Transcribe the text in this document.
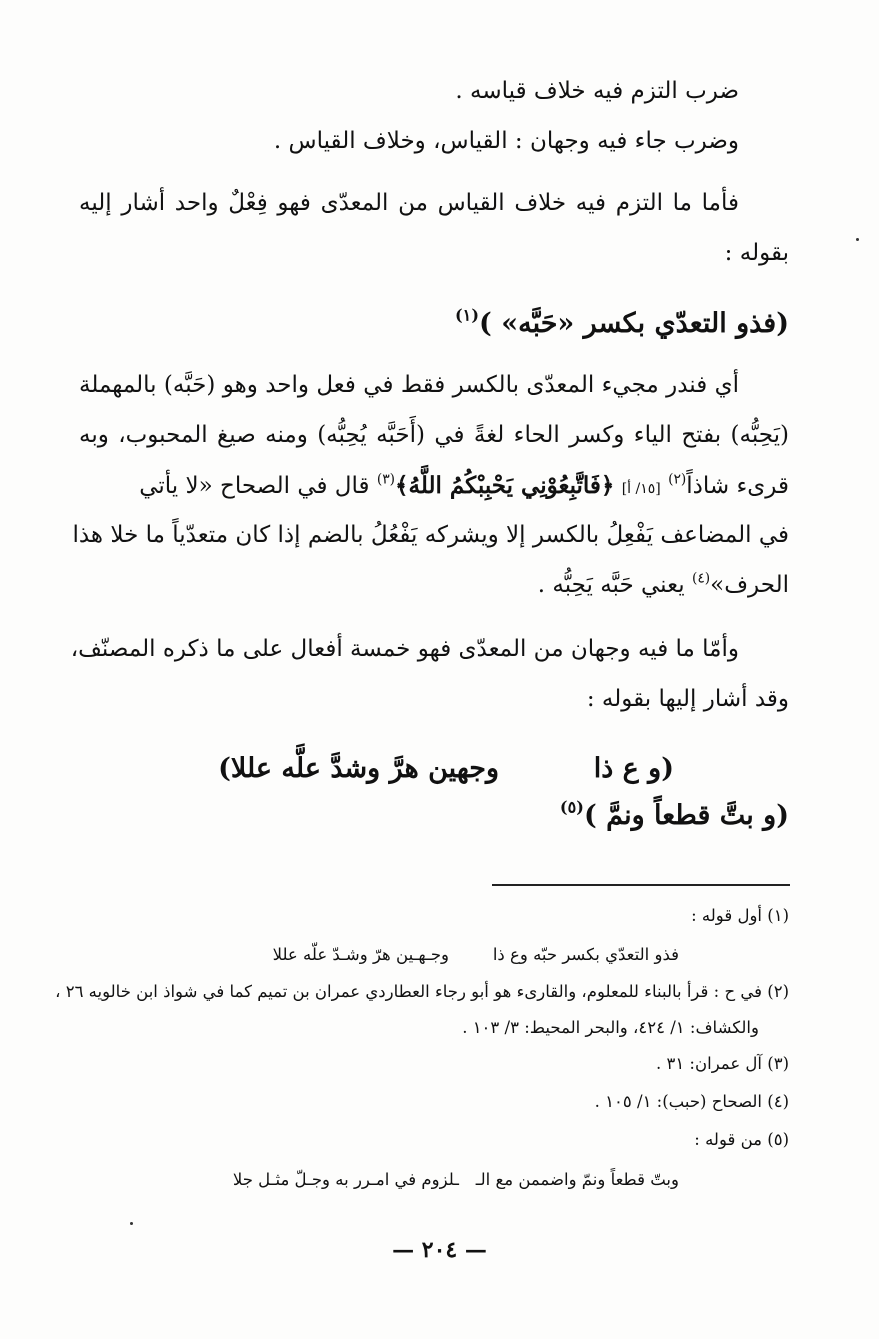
ضرب التزم فيه خلاف قياسه .
وضرب جاء فيه وجهان : القياس، وخلاف القياس .
فأما ما التزم فيه خلاف القياس من المعدّى فهو فِعْلٌ واحد أشار إليه
بقوله :
(فذو التعدّي بكسر «حَبَّه» )$^{(١)}$
أي فندر مجيء المعدّى بالكسر فقط في فعل واحد وهو (حَبَّه) بالمهملة
(يَحِبُّه) بفتح الياء وكسر الحاء لغةً في (أَحَبَّه يُحِبُّه) ومنه صيغ المحبوب، وبه
قرىء شاذاً$^{(٢)}$ [١٥/ أ] ﴿فَاتَّبِعُوْنِي يَحْبِبْكُمُ اللَّهُ﴾$^{(٣)}$ قال في الصحاح «لا يأتي
في المضاعف يَفْعِلُ بالكسر إلا ويشركه يَفْعُلُ بالضم إذا كان متعدّياً ما خلا هذا
الحرف»$^{(٤)}$ يعني حَبَّه يَحِبُّه .
وأمّا ما فيه وجهان من المعدّى فهو خمسة أفعال على ما ذكره المصنّف،
وقد أشار إليها بقوله :
(و ع ذا
وجهين هرَّ وشدَّ علَّه عللا)
(و بتَّ قطعاً ونمَّ )$^{(٥)}$
(١) أول قوله :
فذو التعدّي بكسر حبّه وع ذا
وجـهـين هرّ وشـدّ علّه عللا
(٢) في ح : قرأ بالبناء للمعلوم، والقارىء هو أبو رجاء العطاردي عمران بن تميم كما في شواذ ابن خالويه ٢٦ ،
والكشاف: ١/ ٤٢٤، والبحر المحيط: ٣/ ١٠٣ .
(٣) آل عمران: ٣١ .
(٤) الصحاح (حبب): ١/ ١٠٥ .
(٥) من قوله :
وبتّ قطعاً ونمّ واضممن مع الـ
ـلزوم في امـرر به وجـلّ مثـل جلا
— ٢٠٤ —
